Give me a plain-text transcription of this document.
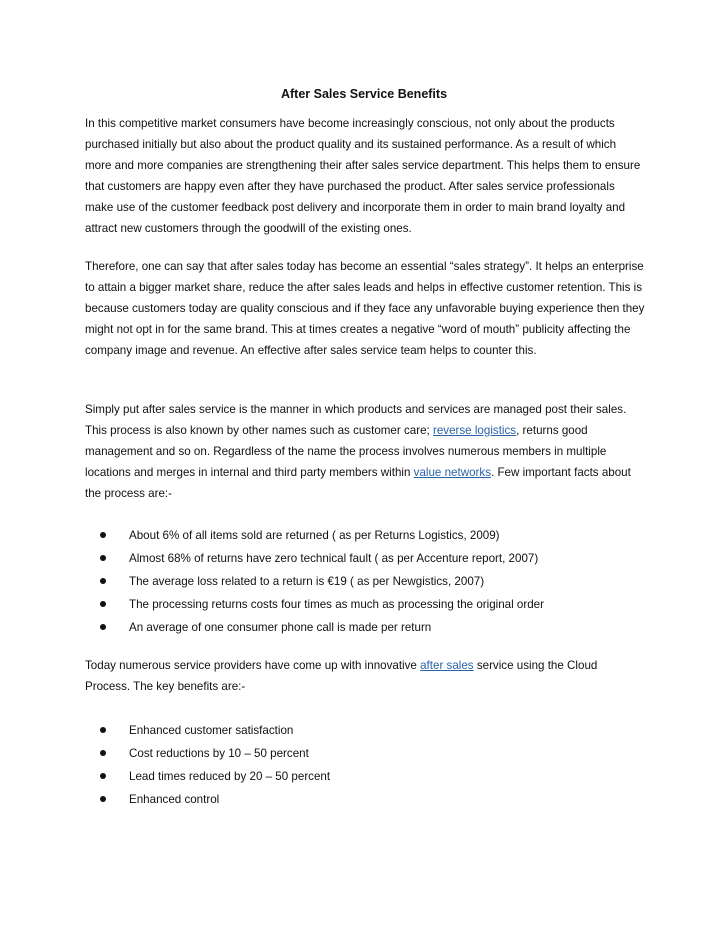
After Sales Service Benefits

In this competitive market consumers have become increasingly conscious, not only about the products purchased initially but also about the product quality and its sustained performance. As a result of which more and more companies are strengthening their after sales service department. This helps them to ensure that customers are happy even after they have purchased the product. After sales service professionals make use of the customer feedback post delivery and incorporate them in order to main brand loyalty and attract new customers through the goodwill of the existing ones.

Therefore, one can say that after sales today has become an essential “sales strategy”. It helps an enterprise to attain a bigger market share, reduce the after sales leads and helps in effective customer retention. This is because customers today are quality conscious and if they face any unfavorable buying experience then they might not opt in for the same brand. This at times creates a negative “word of mouth” publicity affecting the company image and revenue. An effective after sales service team helps to counter this.

Simply put after sales service is the manner in which products and services are managed post their sales. This process is also known by other names such as customer care; reverse logistics, returns good management and so on. Regardless of the name the process involves numerous members in multiple locations and merges in internal and third party members within value networks. Few important facts about the process are:-

About 6% of all items sold are returned ( as per Returns Logistics, 2009)
Almost 68% of returns have zero technical fault ( as per Accenture report, 2007)
The average loss related to a return is €19 ( as per Newgistics, 2007)
The processing returns costs four times as much as processing the original order
An average of one consumer phone call is made per return

Today numerous service providers have come up with innovative after sales service using the Cloud Process. The key benefits are:-

Enhanced customer satisfaction
Cost reductions by 10 – 50 percent
Lead times reduced by 20 – 50 percent
Enhanced control
